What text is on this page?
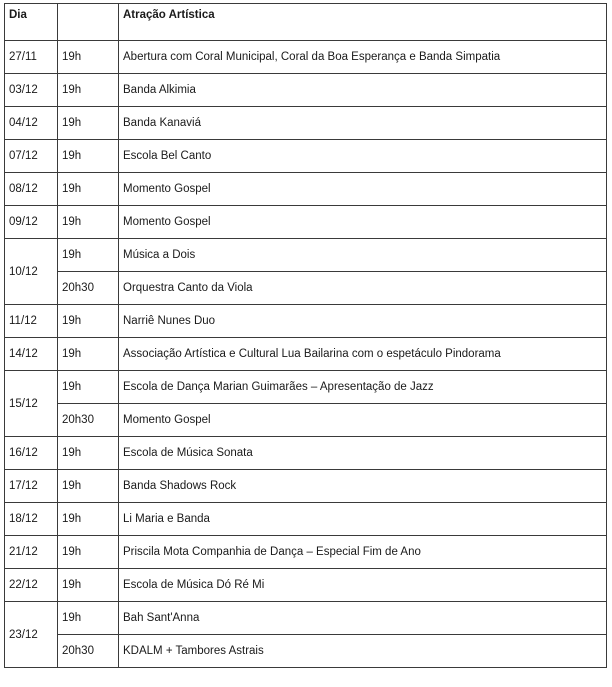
Dia		Atração Artística
27/11	19h	Abertura com Coral Municipal, Coral da Boa Esperança e Banda Simpatia
03/12	19h	Banda Alkimia
04/12	19h	Banda Kanaviá
07/12	19h	Escola Bel Canto
08/12	19h	Momento Gospel
09/12	19h	Momento Gospel
10/12	19h	Música a Dois
	20h30	Orquestra Canto da Viola
11/12	19h	Narriê Nunes Duo
14/12	19h	Associação Artística e Cultural Lua Bailarina com o espetáculo Pindorama
15/12	19h	Escola de Dança Marian Guimarães – Apresentação de Jazz
	20h30	Momento Gospel
16/12	19h	Escola de Música Sonata
17/12	19h	Banda Shadows Rock
18/12	19h	Li Maria e Banda
21/12	19h	Priscila Mota Companhia de Dança – Especial Fim de Ano
22/12	19h	Escola de Música Dó Ré Mi
23/12	19h	Bah Sant'Anna
	20h30	KDALM + Tambores Astrais
